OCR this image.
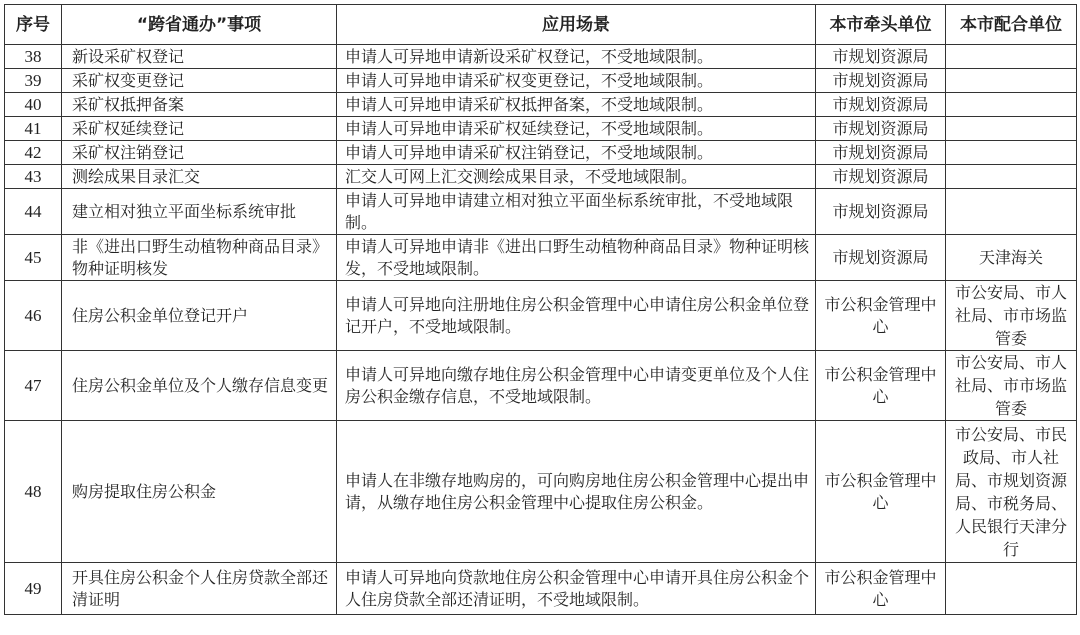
序号	“跨省通办”事项	应用场景	本市牵头单位	本市配合单位
38	新设采矿权登记	申请人可异地申请新设采矿权登记，不受地域限制。	市规划资源局	
39	采矿权变更登记	申请人可异地申请采矿权变更登记，不受地域限制。	市规划资源局	
40	采矿权抵押备案	申请人可异地申请采矿权抵押备案，不受地域限制。	市规划资源局	
41	采矿权延续登记	申请人可异地申请采矿权延续登记，不受地域限制。	市规划资源局	
42	采矿权注销登记	申请人可异地申请采矿权注销登记，不受地域限制。	市规划资源局	
43	测绘成果目录汇交	汇交人可网上汇交测绘成果目录，不受地域限制。	市规划资源局	
44	建立相对独立平面坐标系统审批	申请人可异地申请建立相对独立平面坐标系统审批，不受地域限制。	市规划资源局	
45	非《进出口野生动植物种商品目录》物种证明核发	申请人可异地申请非《进出口野生动植物种商品目录》物种证明核发，不受地域限制。	市规划资源局	天津海关
46	住房公积金单位登记开户	申请人可异地向注册地住房公积金管理中心申请住房公积金单位登记开户，不受地域限制。	市公积金管理中心	市公安局、市人社局、市市场监管委
47	住房公积金单位及个人缴存信息变更	申请人可异地向缴存地住房公积金管理中心申请变更单位及个人住房公积金缴存信息，不受地域限制。	市公积金管理中心	市公安局、市人社局、市市场监管委
48	购房提取住房公积金	申请人在非缴存地购房的，可向购房地住房公积金管理中心提出申请，从缴存地住房公积金管理中心提取住房公积金。	市公积金管理中心	市公安局、市民政局、市人社局、市规划资源局、市税务局、人民银行天津分行
49	开具住房公积金个人住房贷款全部还清证明	申请人可异地向贷款地住房公积金管理中心申请开具住房公积金个人住房贷款全部还清证明，不受地域限制。	市公积金管理中心	
